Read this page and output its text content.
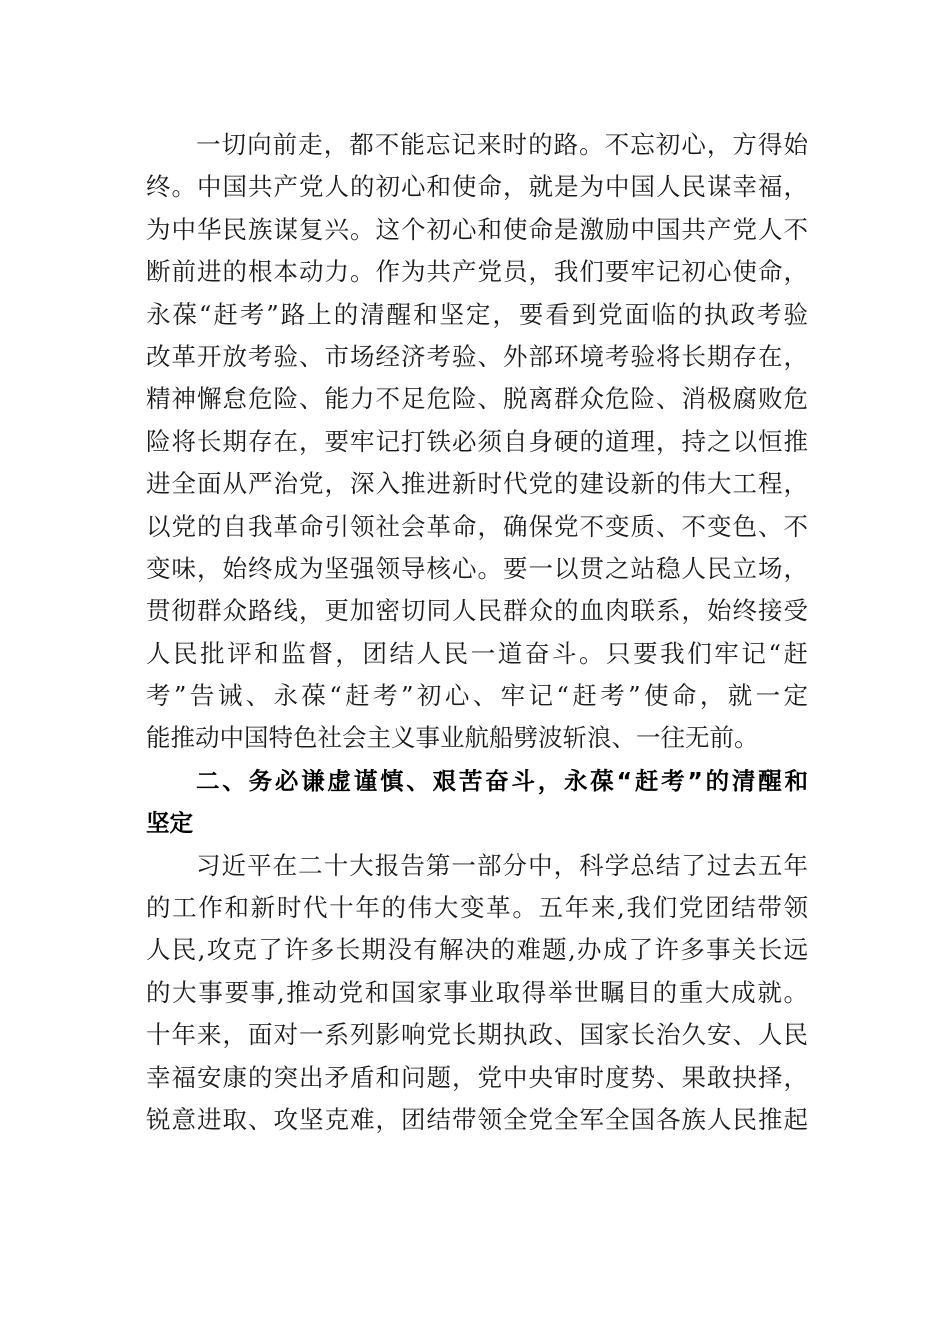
一切向前走，都不能忘记来时的路。不忘初心，方得始
终。中国共产党人的初心和使命，就是为中国人民谋幸福，
为中华民族谋复兴。这个初心和使命是激励中国共产党人不
断前进的根本动力。作为共产党员，我们要牢记初心使命，
永葆“赶考”路上的清醒和坚定，要看到党面临的执政考验
改革开放考验、市场经济考验、外部环境考验将长期存在，
精神懈怠危险、能力不足危险、脱离群众危险、消极腐败危
险将长期存在，要牢记打铁必须自身硬的道理，持之以恒推
进全面从严治党，深入推进新时代党的建设新的伟大工程，
以党的自我革命引领社会革命，确保党不变质、不变色、不
变味，始终成为坚强领导核心。要一以贯之站稳人民立场，
贯彻群众路线，更加密切同人民群众的血肉联系，始终接受
人民批评和监督，团结人民一道奋斗。只要我们牢记“赶
考”告诫、永葆“赶考”初心、牢记“赶考”使命，就一定
能推动中国特色社会主义事业航船劈波斩浪、一往无前。
二、务必谦虚谨慎、艰苦奋斗，永葆“赶考”的清醒和
坚定
习近平在二十大报告第一部分中，科学总结了过去五年
的工作和新时代十年的伟大变革。五年来,我们党团结带领
人民,攻克了许多长期没有解决的难题,办成了许多事关长远
的大事要事,推动党和国家事业取得举世瞩目的重大成就。
十年来，面对一系列影响党长期执政、国家长治久安、人民
幸福安康的突出矛盾和问题，党中央审时度势、果敢抉择，
锐意进取、攻坚克难，团结带领全党全军全国各族人民推起
